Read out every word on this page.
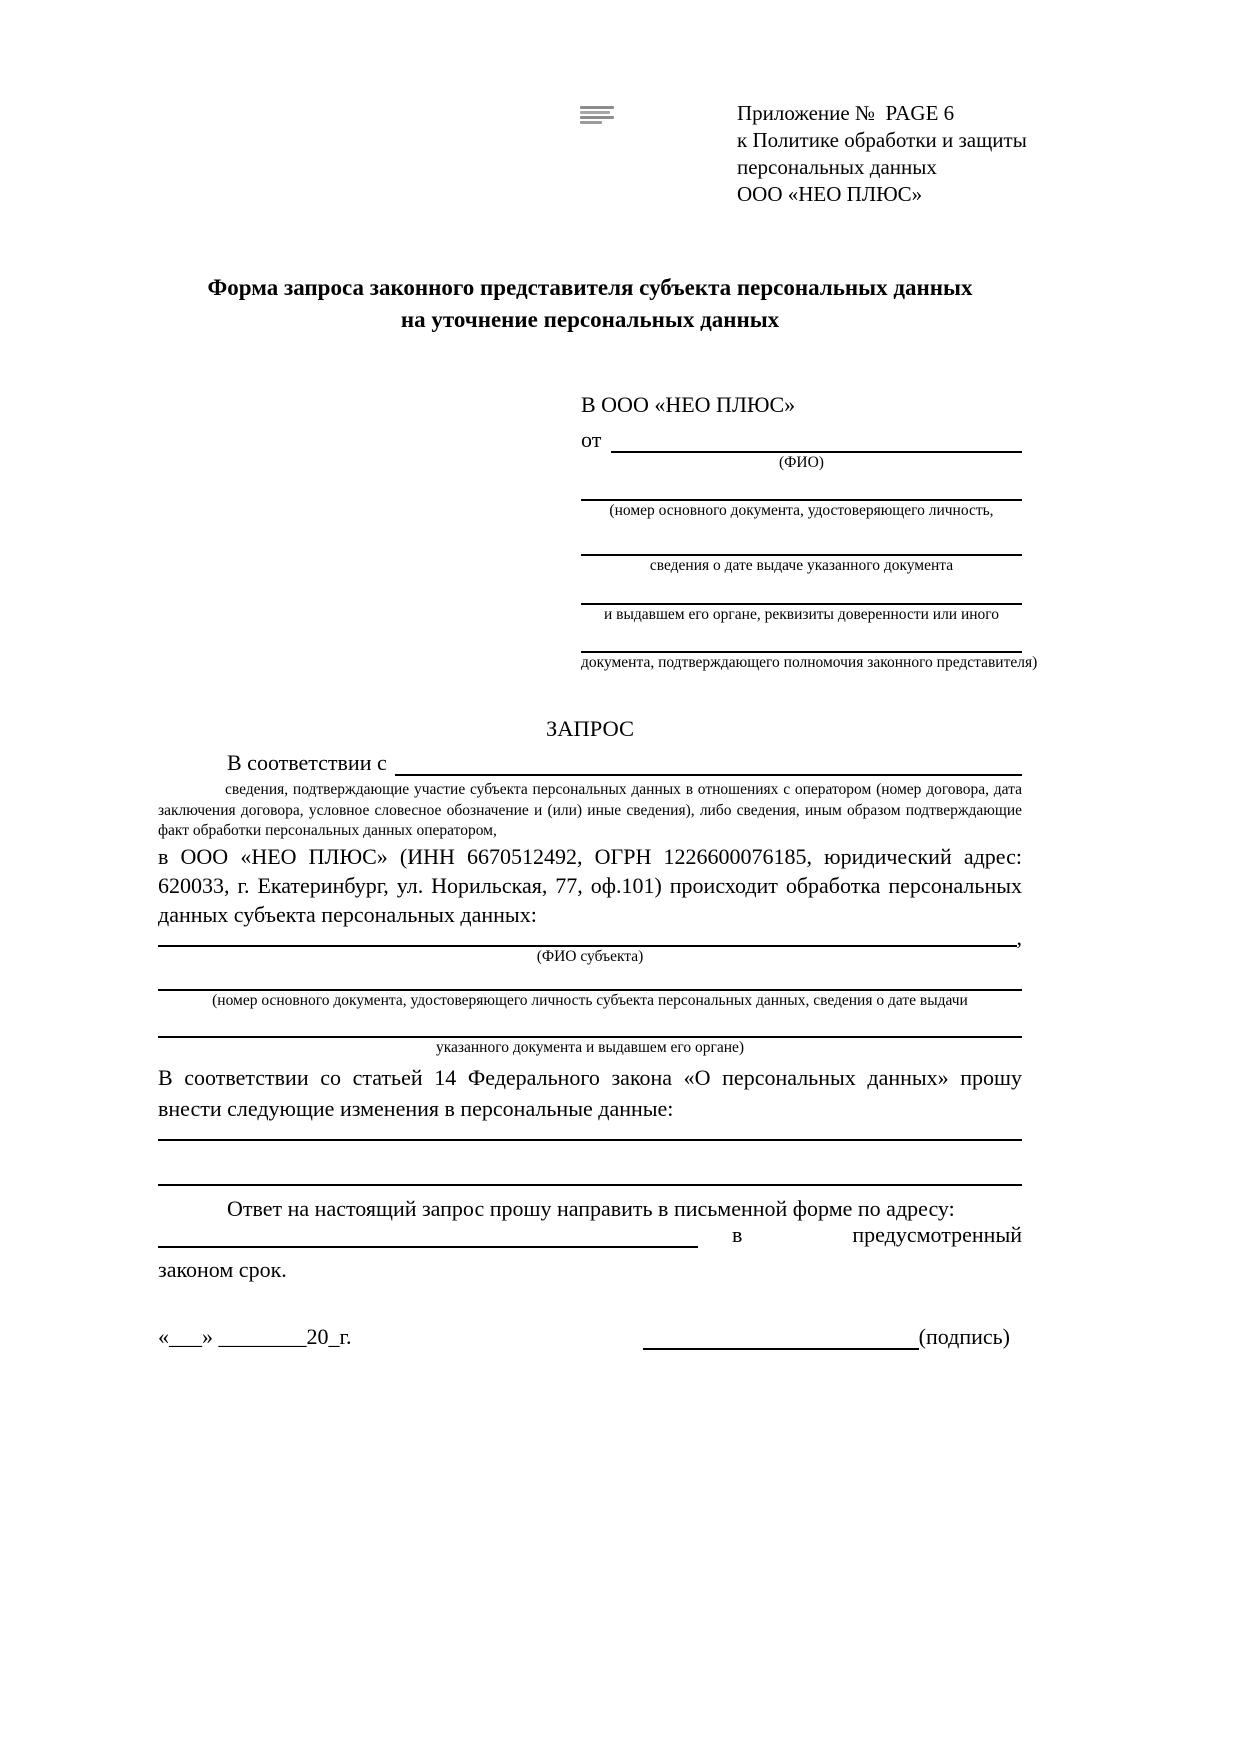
Приложение №  PAGE 6
к Политике обработки и защиты
персональных данных
ООО «НЕО ПЛЮС»
Форма запроса законного представителя субъекта персональных данных
на уточнение персональных данных
В ООО «НЕО ПЛЮС»
от
(ФИО)
(номер основного документа, удостоверяющего личность,
сведения о дате выдаче указанного документа
и выдавшем его органе, реквизиты доверенности или иного
документа, подтверждающего полномочия законного представителя)
ЗАПРОС
В соответствии с

сведения, подтверждающие участие субъекта персональных данных в отношениях с оператором (номер договора, дата заключения договора, условное словесное обозначение и (или) иные сведения), либо сведения, иным образом подтверждающие факт обработки персональных данных оператором,

в ООО «НЕО ПЛЮС» (ИНН 6670512492, ОГРН 1226600076185, юридический адрес: 620033, г. Екатеринбург, ул. Норильская, 77, оф.101) происходит обработка персональных данных субъекта персональных данных:

,
(ФИО субъекта)
(номер основного документа, удостоверяющего личность субъекта персональных данных, сведения о дате выдачи
указанного документа и выдавшем его органе)

В соответствии со статьей 14 Федерального закона «О персональных данных» прошу внести следующие изменения в персональные данные:

Ответ на настоящий запрос прошу направить в письменной форме по адресу:

в	предусмотренный

законом срок.

«___» ________20_г.	(подпись)
